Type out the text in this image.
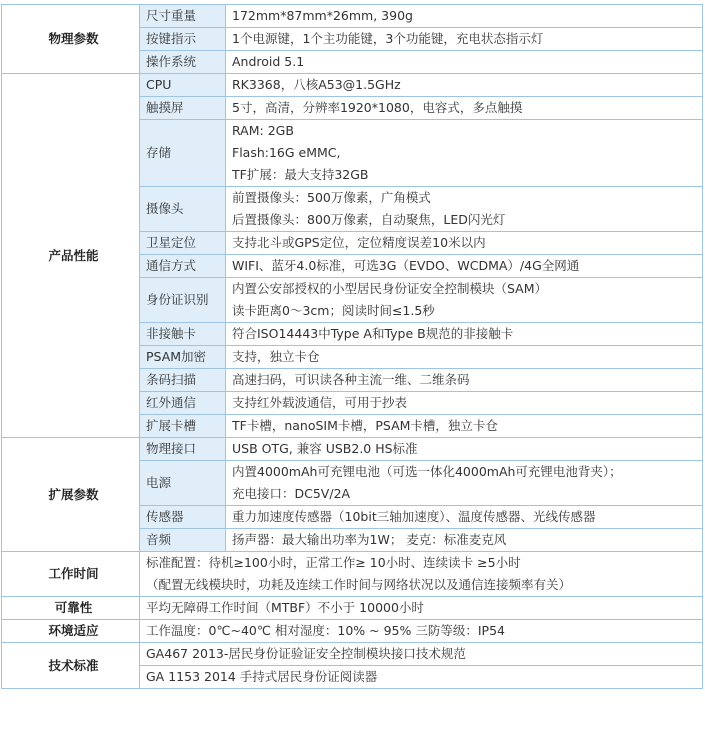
物理参数	尺寸重量	172mm*87mm*26mm, 390g

	按键指示	1个电源键，1个主功能键，3个功能键，充电状态指示灯

	操作系统	Android 5.1

产品性能	CPU	RK3368，八核A53@1.5GHz

	触摸屏	5寸，高清，分辨率1920*1080，电容式，多点触摸

	存储	RAM: 2GB
Flash:16G eMMC,
TF扩展：最大支持32GB

	摄像头	前置摄像头：500万像素，广角模式
后置摄像头：800万像素，自动聚焦，LED闪光灯

	卫星定位	支持北斗或GPS定位，定位精度误差10米以内

	通信方式	WIFI、蓝牙4.0标准，可选3G（EVDO、WCDMA）/4G全网通

	身份证识别	内置公安部授权的小型居民身份证安全控制模块（SAM）
读卡距离0～3cm；阅读时间≤1.5秒

	非接触卡	符合ISO14443中Type A和Type B规范的非接触卡

	PSAM加密	支持，独立卡仓

	条码扫描	高速扫码，可识读各种主流一维、二维条码

	红外通信	支持红外载波通信，可用于抄表

	扩展卡槽	TF卡槽，nanoSIM卡槽，PSAM卡槽，独立卡仓

扩展参数	物理接口	USB OTG, 兼容 USB2.0 HS标准

	电源	内置4000mAh可充锂电池（可选一体化4000mAh可充锂电池背夹）；
充电接口：DC5V/2A

	传感器	重力加速度传感器（10bit三轴加速度）、温度传感器、光线传感器

	音频	扬声器：最大输出功率为1W； 麦克：标准麦克风

工作时间	标准配置：待机≥100小时，正常工作≥ 10小时、连续读卡 ≥5小时
（配置无线模块时，功耗及连续工作时间与网络状况以及通信连接频率有关）	

可靠性	平均无障碍工作时间（MTBF）不小于 10000小时	

环境适应	工作温度：0℃~40℃ 相对湿度：10% ~ 95% 三防等级：IP54	

技术标准	GA467 2013-居民身份证验证安全控制模块接口技术规范	
	GA 1153 2014 手持式居民身份证阅读器	
